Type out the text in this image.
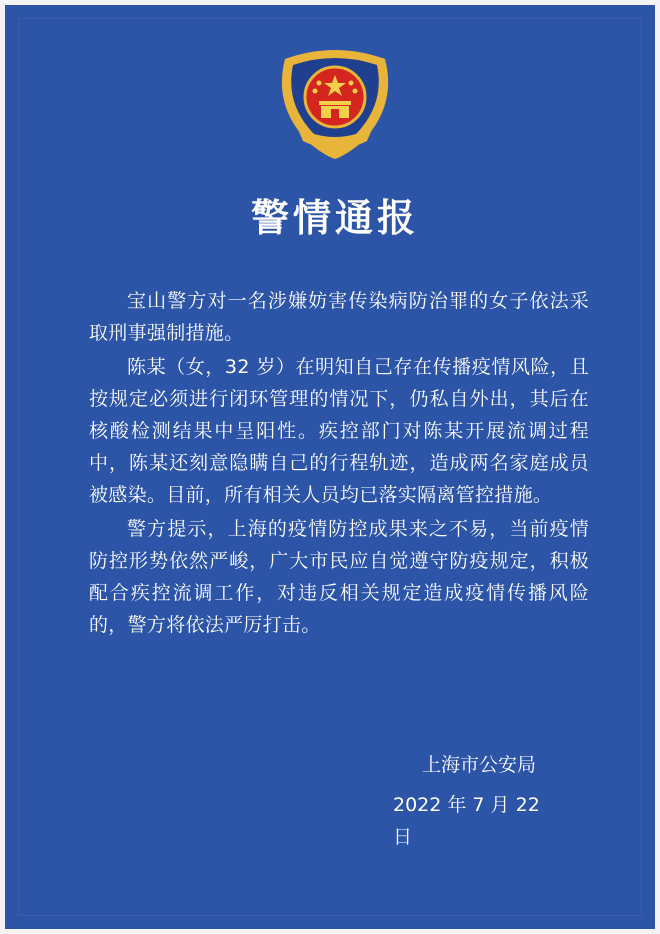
警情通报

宝山警方对一名涉嫌妨害传染病防治罪的女子依法采取刑事强制措施。

陈某（女，32 岁）在明知自己存在传播疫情风险，且按规定必须进行闭环管理的情况下，仍私自外出，其后在核酸检测结果中呈阳性。疾控部门对陈某开展流调过程中，陈某还刻意隐瞒自己的行程轨迹，造成两名家庭成员被感染。目前，所有相关人员均已落实隔离管控措施。

警方提示，上海的疫情防控成果来之不易，当前疫情防控形势依然严峻，广大市民应自觉遵守防疫规定，积极配合疾控流调工作，对违反相关规定造成疫情传播风险的，警方将依法严厉打击。

上海市公安局
2022 年 7 月 22 日
